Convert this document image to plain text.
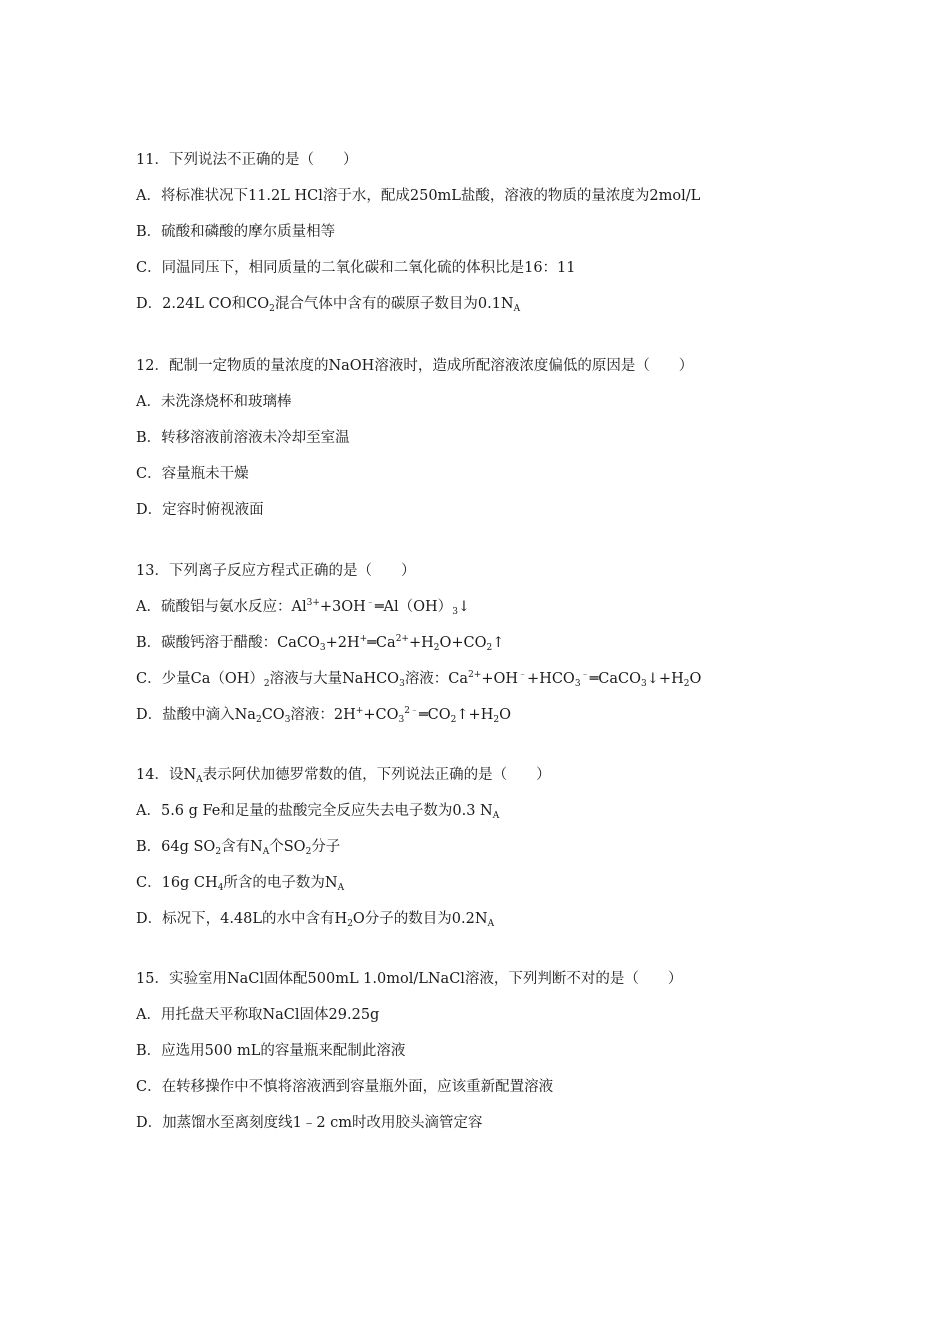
11．下列说法不正确的是（　　）
A．将标准状况下11.2L HCl溶于水，配成250mL盐酸，溶液的物质的量浓度为2mol/L
B．硫酸和磷酸的摩尔质量相等
C．同温同压下，相同质量的二氧化碳和二氧化硫的体积比是16：11
D．2.24L CO和$CO_2$混合气体中含有的碳原子数目为$0.1N_A$
12．配制一定物质的量浓度的NaOH溶液时，造成所配溶液浓度偏低的原因是（　　）
A．未洗涤烧杯和玻璃棒
B．转移溶液前溶液未冷却至室温
C．容量瓶未干燥
D．定容时俯视液面
13．下列离子反应方程式正确的是（　　）
A．硫酸铝与氨水反应：$Al^{3+}+3OH^﹣═Al(OH)_3↓$
B．碳酸钙溶于醋酸：$CaCO_3+2H^+═Ca^{2+}+H_2O+CO_2↑$
C．少量$Ca(OH)_2$溶液与大量NaHCO$_3$溶液：$Ca^{2+}+OH^﹣+HCO_3^﹣═CaCO_3↓+H_2O$
D．盐酸中滴入$Na_2CO_3$溶液：$2H^++CO_3^{2﹣}═CO_2↑+H_2O$
14．设$N_A$表示阿伏加德罗常数的值，下列说法正确的是（　　）
A．5.6 g Fe和足量的盐酸完全反应失去电子数为0.3 $N_A$
B．64g $SO_2$含有$N_A$个$SO_2$分子
C．16g $CH_4$所含的电子数为$N_A$
D．标况下，4.48L的水中含有$H_2O$分子的数目为$0.2N_A$
15．实验室用NaCl固体配500mL 1.0mol/LNaCl溶液，下列判断不对的是（　　）
A．用托盘天平称取NaCl固体29.25g
B．应选用500 mL的容量瓶来配制此溶液
C．在转移操作中不慎将溶液洒到容量瓶外面，应该重新配置溶液
D．加蒸馏水至离刻度线1﹣2 cm时改用胶头滴管定容
